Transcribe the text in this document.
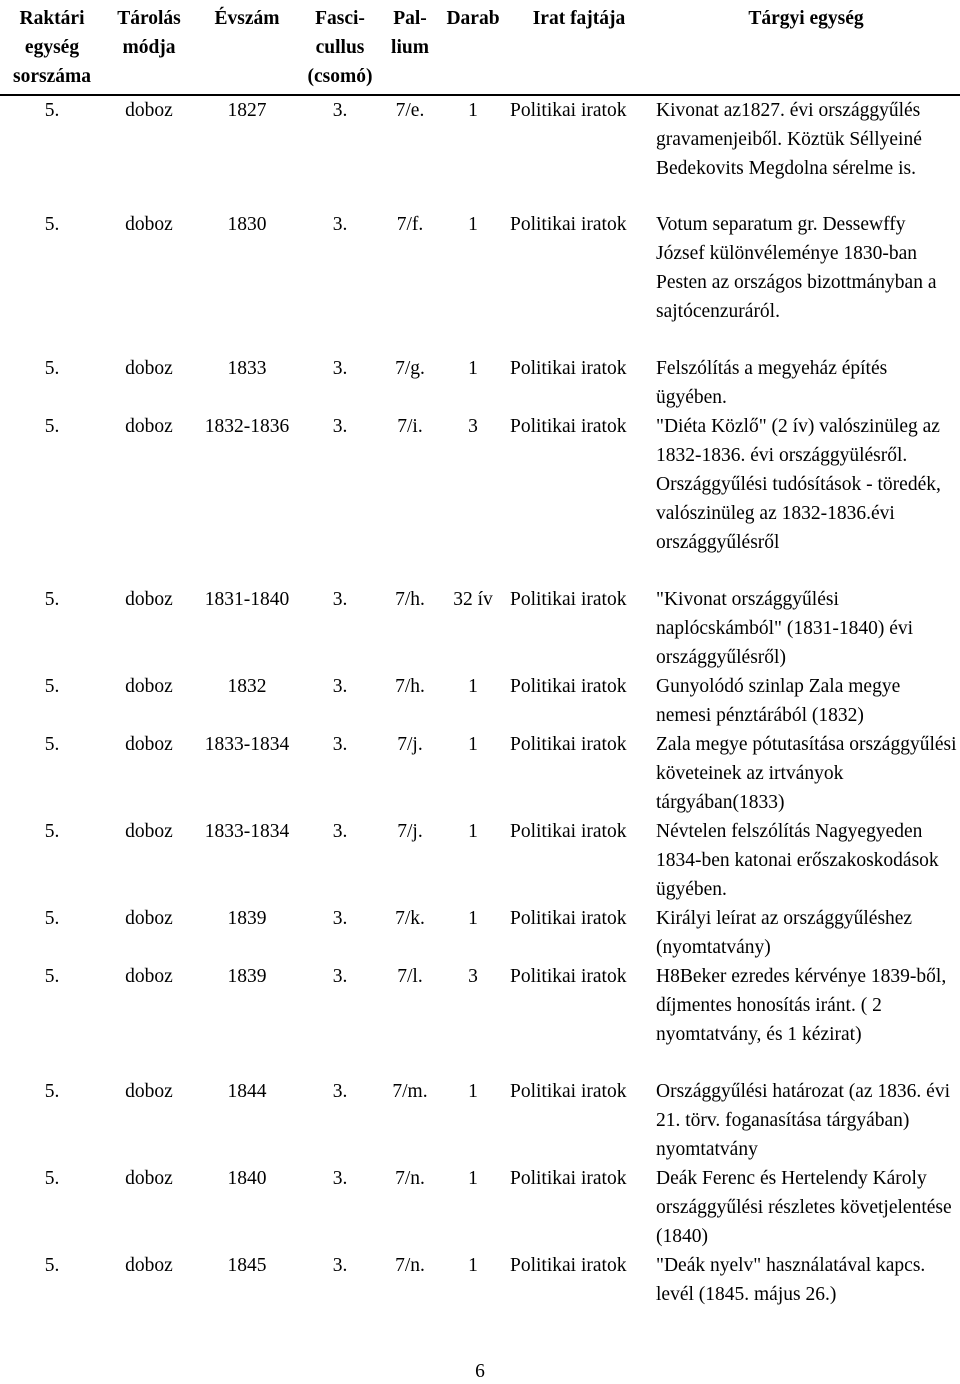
Raktári egység sorszáma	Tárolás módja	Évszám	Fasci-cullus (csomó)	Pal-lium	Darab	Irat fajtája	Tárgyi egység
5.	doboz	1827	3.	7/e.	1	Politikai iratok	Kivonat az1827. évi országgyűlés gravamenjeiből. Köztük Séllyeiné Bedekovits Megdolna sérelme is.
5.	doboz	1830	3.	7/f.	1	Politikai iratok	Votum separatum gr. Dessewffy József különvéleménye 1830-ban Pesten az országos bizottmányban a sajtócenzuráról.
5.	doboz	1833	3.	7/g.	1	Politikai iratok	Felszólítás a megyeház építés ügyében.
5.	doboz	1832-1836	3.	7/i.	3	Politikai iratok	"Diéta Közlő" (2 ív) valószinüleg az 1832-1836. évi országgyülésről. Országgyűlési tudósítások - töredék, valószinüleg az 1832-1836.évi országgyűlésről
5.	doboz	1831-1840	3.	7/h.	32 ív	Politikai iratok	"Kivonat országgyűlési naplócskámból" (1831-1840) évi országgyűlésről)
5.	doboz	1832	3.	7/h.	1	Politikai iratok	Gunyolódó szinlap Zala megye nemesi pénztárából (1832)
5.	doboz	1833-1834	3.	7/j.	1	Politikai iratok	Zala megye pótutasítása országgyűlési követeinek az irtványok tárgyában(1833)
5.	doboz	1833-1834	3.	7/j.	1	Politikai iratok	Névtelen felszólítás Nagyegyeden 1834-ben katonai erőszakoskodások ügyében.
5.	doboz	1839	3.	7/k.	1	Politikai iratok	Királyi leírat az országgyűléshez (nyomtatvány)
5.	doboz	1839	3.	7/l.	3	Politikai iratok	H8Beker ezredes kérvénye 1839-ből, díjmentes honosítás iránt. ( 2 nyomtatvány, és 1 kézirat)
5.	doboz	1844	3.	7/m.	1	Politikai iratok	Országgyűlési határozat (az 1836. évi 21. törv. foganasítása tárgyában) nyomtatvány
5.	doboz	1840	3.	7/n.	1	Politikai iratok	Deák Ferenc és Hertelendy Károly országgyűlési részletes követjelentése (1840)
5.	doboz	1845	3.	7/n.	1	Politikai iratok	"Deák nyelv" használatával kapcs. levél (1845. május 26.)
6
